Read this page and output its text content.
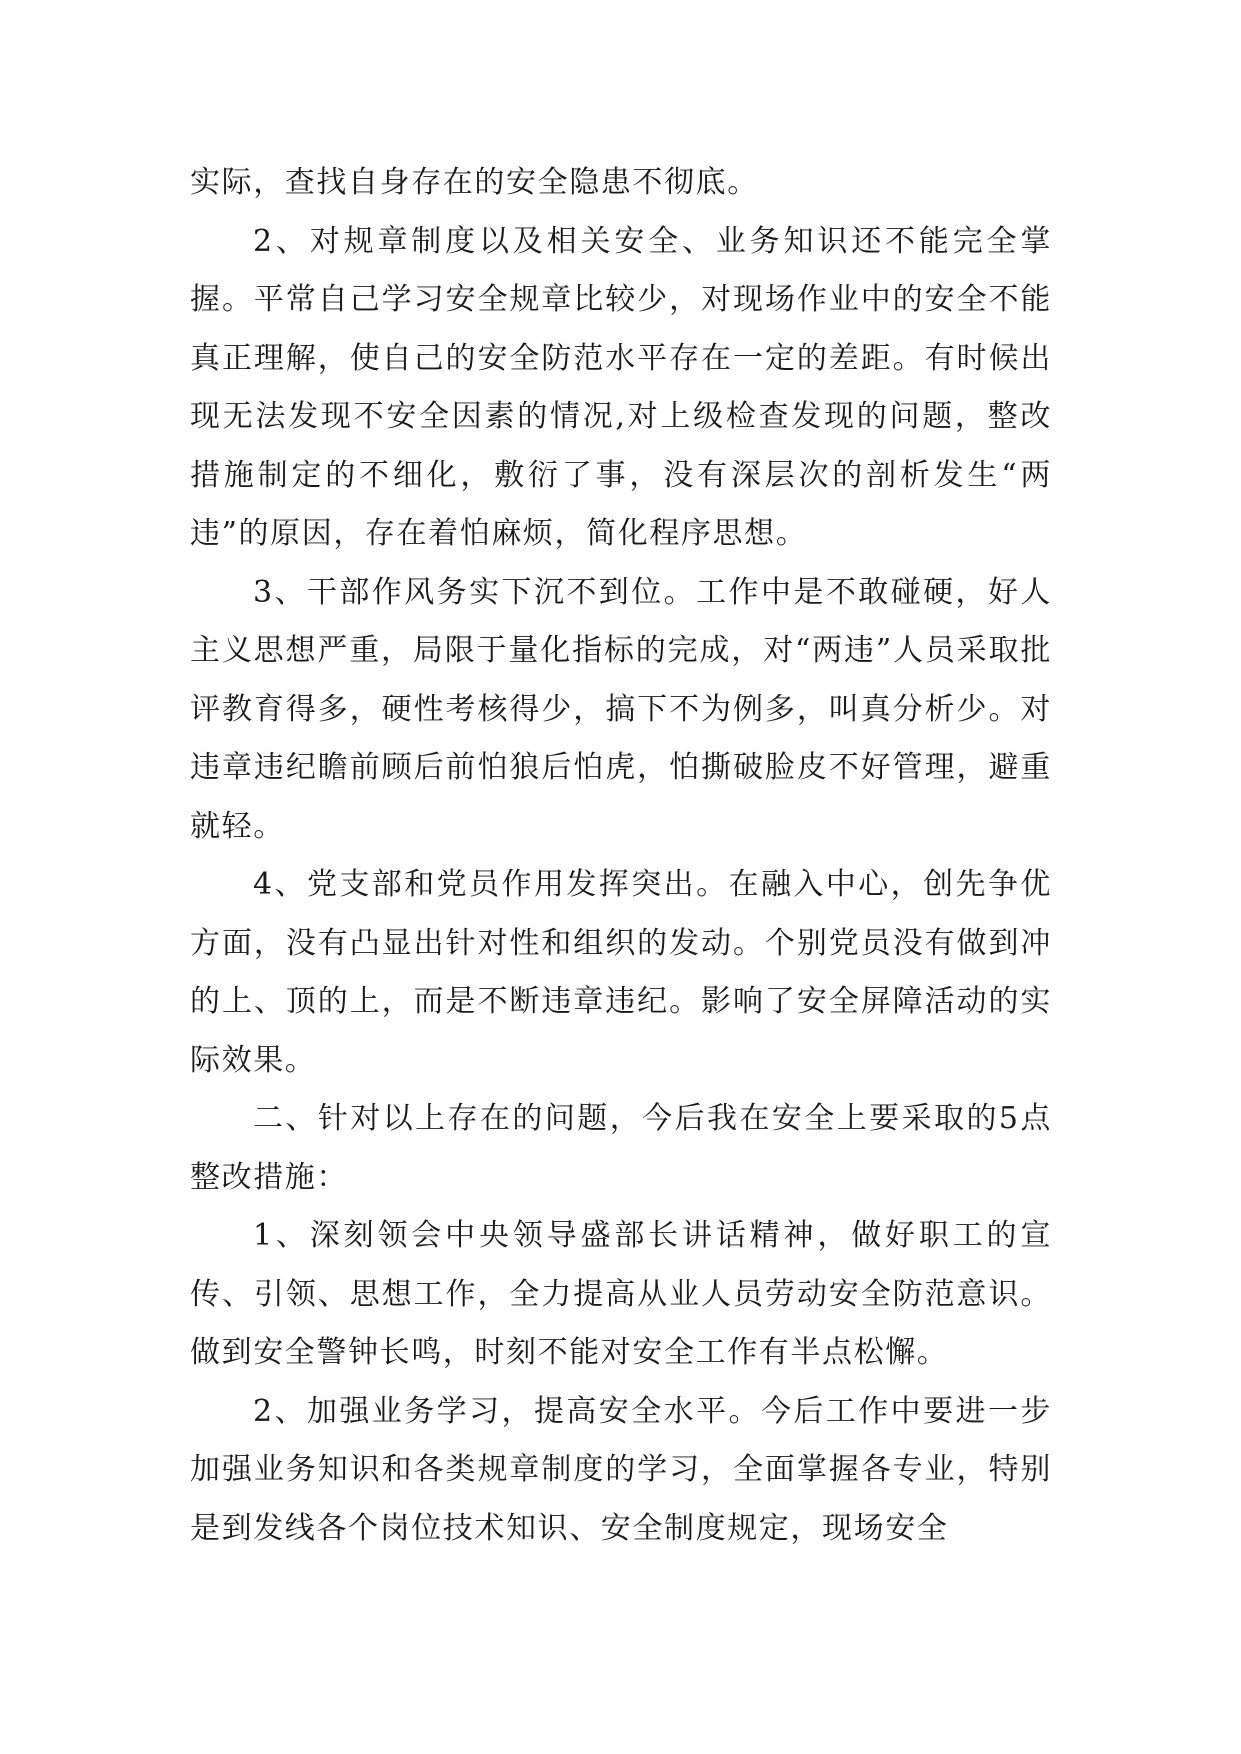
实际，查找自身存在的安全隐患不彻底。

2、对规章制度以及相关安全、业务知识还不能完全掌握。平常自己学习安全规章比较少，对现场作业中的安全不能真正理解，使自己的安全防范水平存在一定的差距。有时候出现无法发现不安全因素的情况,对上级检查发现的问题，整改措施制定的不细化，敷衍了事，没有深层次的剖析发生“两违”的原因，存在着怕麻烦，简化程序思想。

3、干部作风务实下沉不到位。工作中是不敢碰硬，好人主义思想严重，局限于量化指标的完成，对“两违”人员采取批评教育得多，硬性考核得少，搞下不为例多，叫真分析少。对违章违纪瞻前顾后前怕狼后怕虎，怕撕破脸皮不好管理，避重就轻。

4、党支部和党员作用发挥突出。在融入中心，创先争优方面，没有凸显出针对性和组织的发动。个别党员没有做到冲的上、顶的上，而是不断违章违纪。影响了安全屏障活动的实际效果。

二、针对以上存在的问题，今后我在安全上要采取的5点整改措施：

1、深刻领会中央领导盛部长讲话精神，做好职工的宣传、引领、思想工作，全力提高从业人员劳动安全防范意识。做到安全警钟长鸣，时刻不能对安全工作有半点松懈。

2、加强业务学习，提高安全水平。今后工作中要进一步加强业务知识和各类规章制度的学习，全面掌握各专业，特别是到发线各个岗位技术知识、安全制度规定，现场安全
